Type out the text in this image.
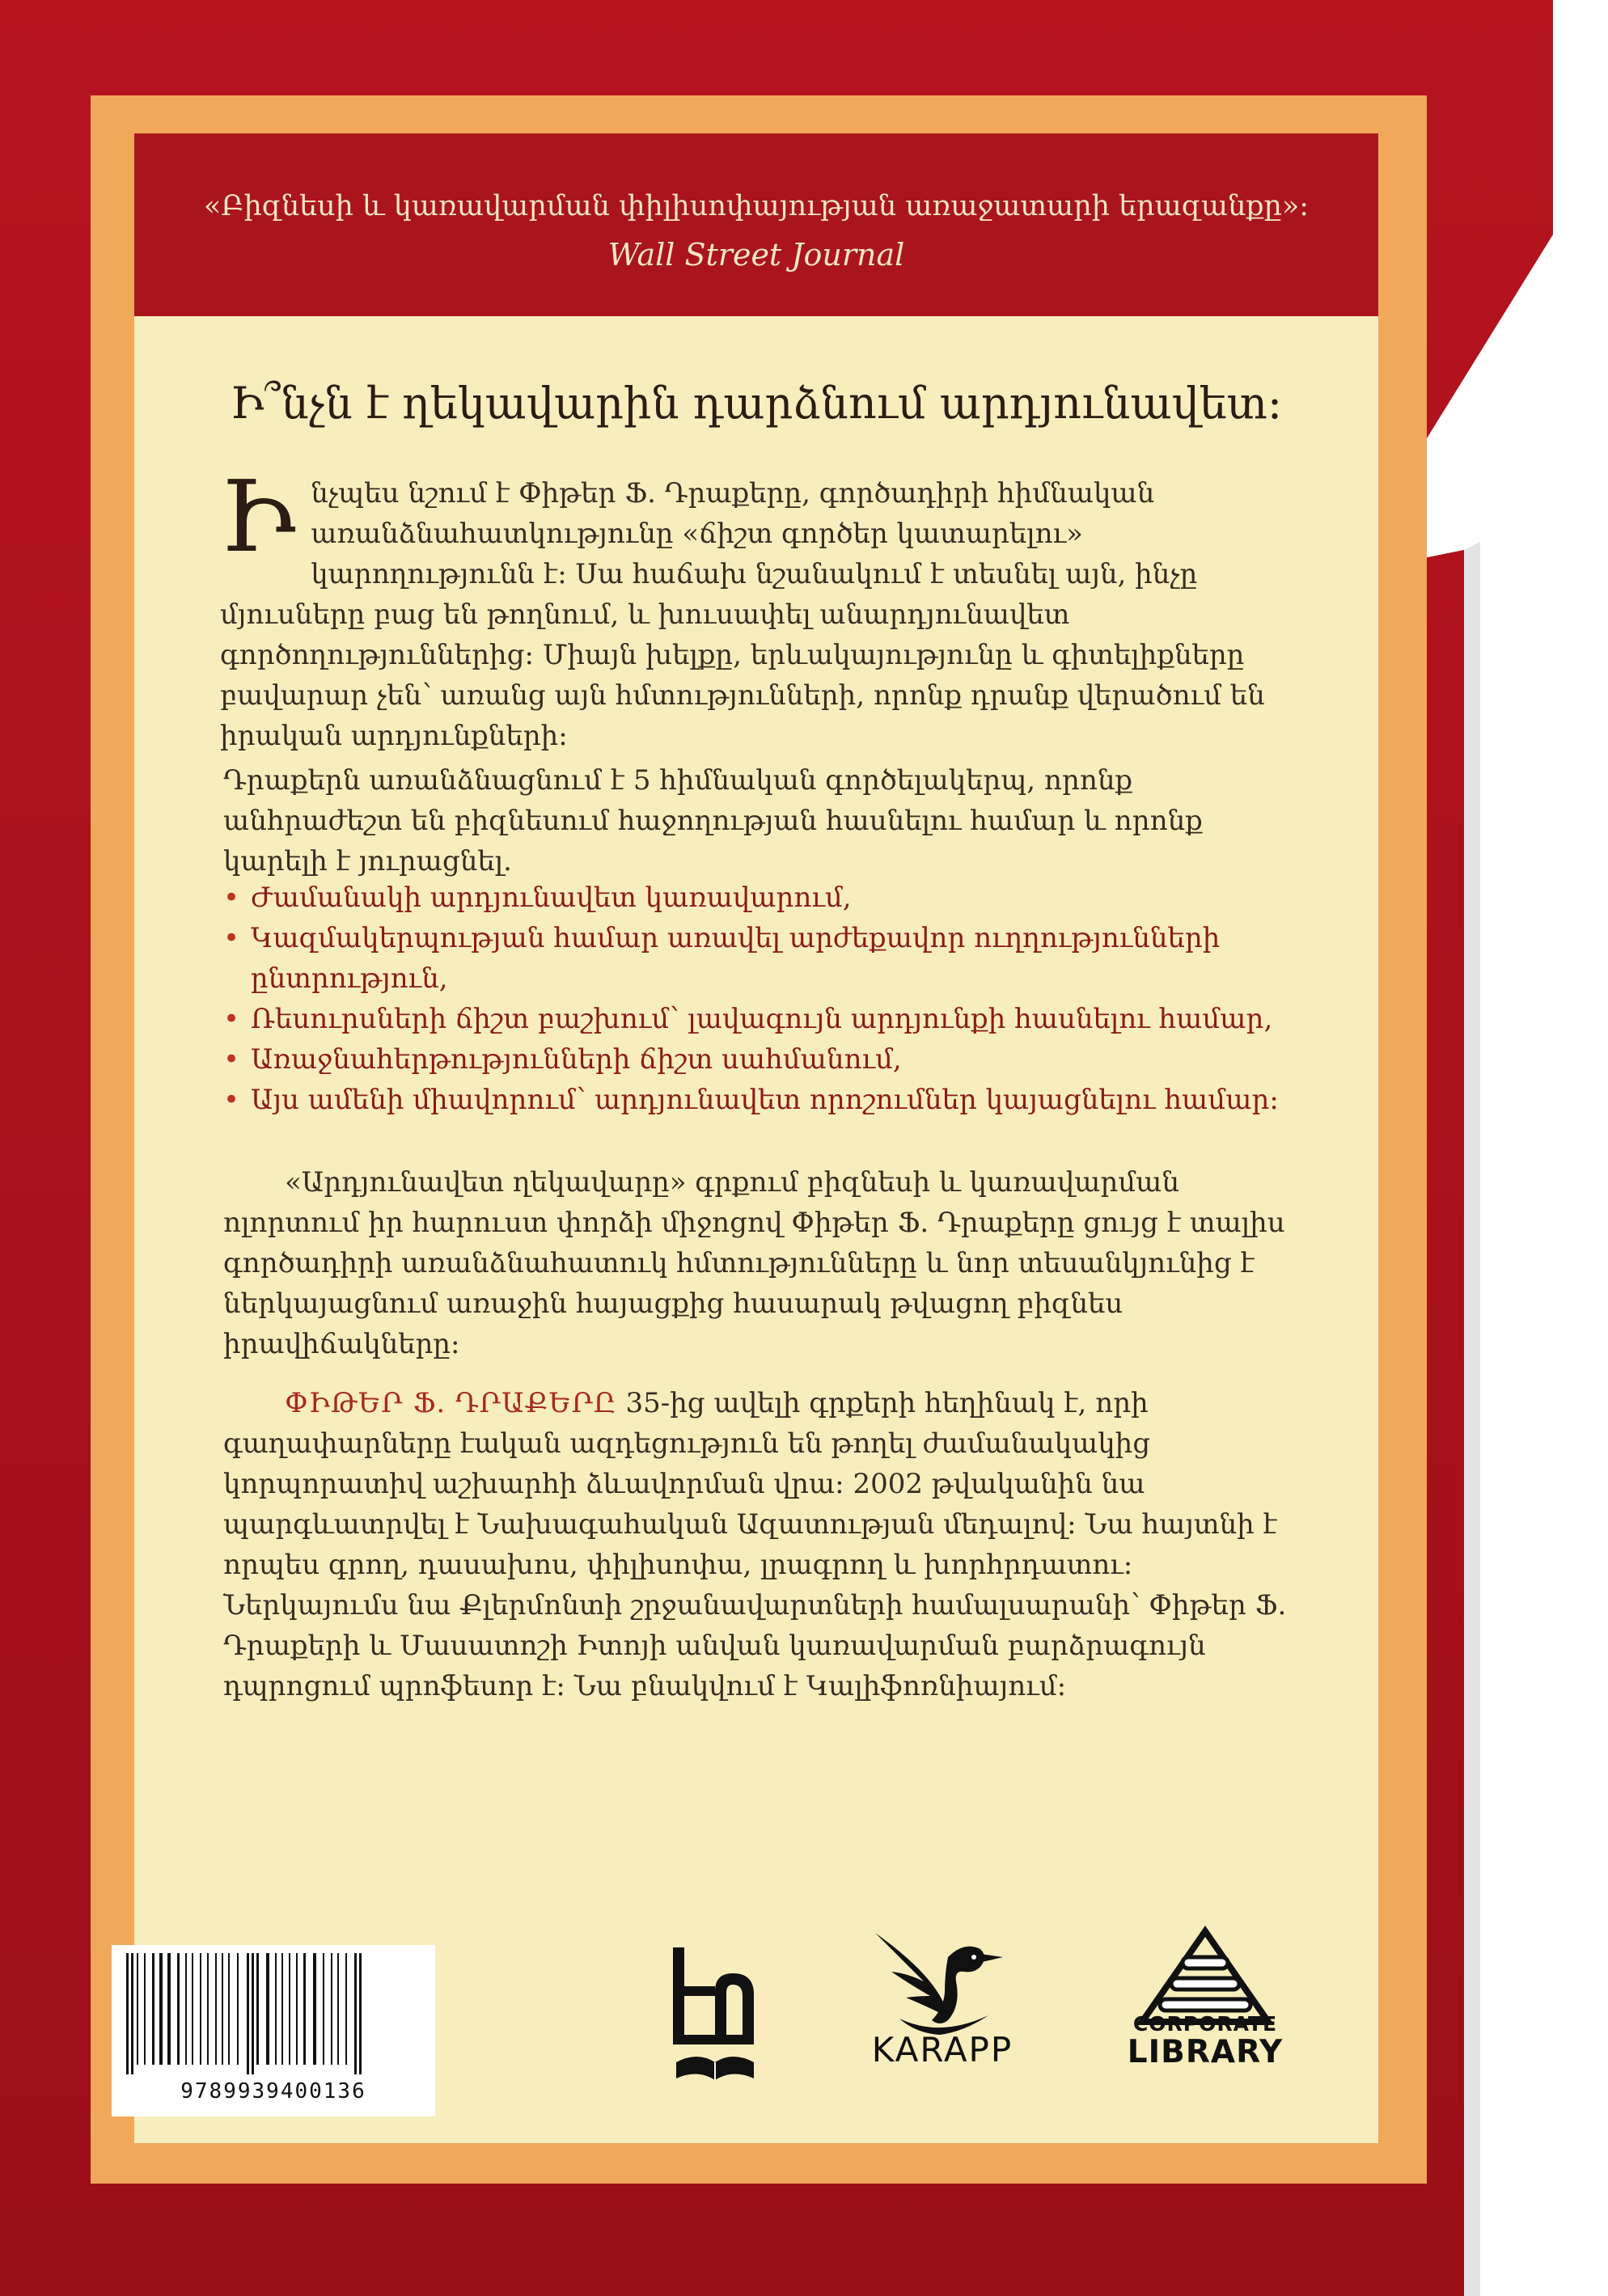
«Բիզնեսի և կառավարման փիլիսոփայության առաջատարի երազանքը»։
Wall Street Journal
Ի՞նչն է ղեկավարին դարձնում արդյունավետ։
Ինչպես նշում է Փիթեր Ֆ. Դրաքերը, գործադիրի հիմնական առանձնահատկությունը «ճիշտ գործեր կատարելու» կարողությունն է։ Սա հաճախ նշանակում է տեսնել այն, ինչը մյուսները բաց են թողնում, և խուսափել անարդյունավետ գործողություններից։ Միայն խելքը, երևակայությունը և գիտելիքները բավարար չեն՝ առանց այն հմտությունների, որոնք դրանք վերածում են իրական արդյունքների։
Դրաքերն առանձնացնում է 5 հիմնական գործելակերպ, որոնք անհրաժեշտ են բիզնեսում հաջողության հասնելու համար և որոնք կարելի է յուրացնել.
• Ժամանակի արդյունավետ կառավարում,
• Կազմակերպության համար առավել արժեքավոր ուղղությունների ընտրություն,
• Ռեսուրսների ճիշտ բաշխում՝ լավագույն արդյունքի հասնելու համար,
• Առաջնահերթությունների ճիշտ սահմանում,
• Այս ամենի միավորում՝ արդյունավետ որոշումներ կայացնելու համար։
«Արդյունավետ ղեկավարը» գրքում բիզնեսի և կառավարման ոլորտում իր հարուստ փորձի միջոցով Փիթեր Ֆ. Դրաքերը ցույց է տալիս գործադիրի առանձնահատուկ հմտությունները և նոր տեսանկյունից է ներկայացնում առաջին հայացքից հասարակ թվացող բիզնես իրավիճակները։
ՓԻԹԵՐ Ֆ. ԴՐԱՔԵՐԸ 35-ից ավելի գրքերի հեղինակ է, որի գաղափարները էական ազդեցություն են թողել ժամանակակից կորպորատիվ աշխարհի ձևավորման վրա։ 2002 թվականին նա պարգևատրվել է Նախագահական Ազատության մեդալով։ Նա հայտնի է որպես գրող, դասախոս, փիլիսոփա, լրագրող և խորհրդատու։ Ներկայումս նա Քլերմոնտի շրջանավարտների համալսարանի՝ Փիթեր Ֆ. Դրաքերի և Մասատոշի Իտոյի անվան կառավարման բարձրագույն դպրոցում պրոֆեսոր է։ Նա բնակվում է Կալիֆոռնիայում։
9789939400136
KARAPP
CORPORATE
LIBRARY
